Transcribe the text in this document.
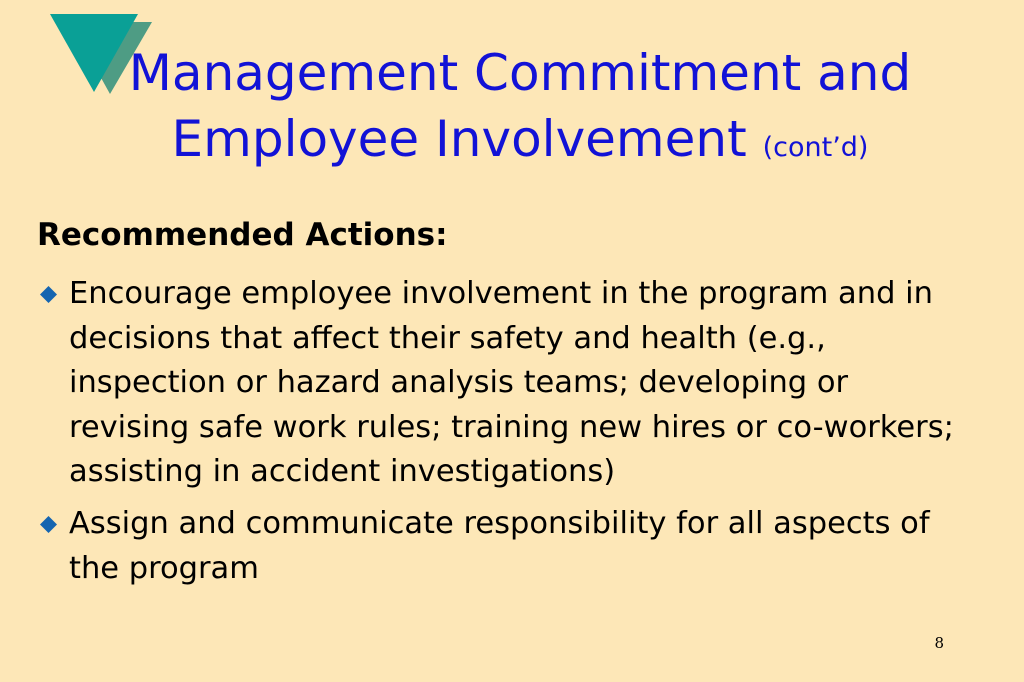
Management Commitment and
Employee Involvement (cont’d)
Recommended Actions:
Encourage employee involvement in the program and in decisions that affect their safety and health (e.g., inspection or hazard analysis teams; developing or revising safe work rules; training new hires or co-workers; assisting in accident investigations)
Assign and communicate responsibility for all aspects of the program
8
